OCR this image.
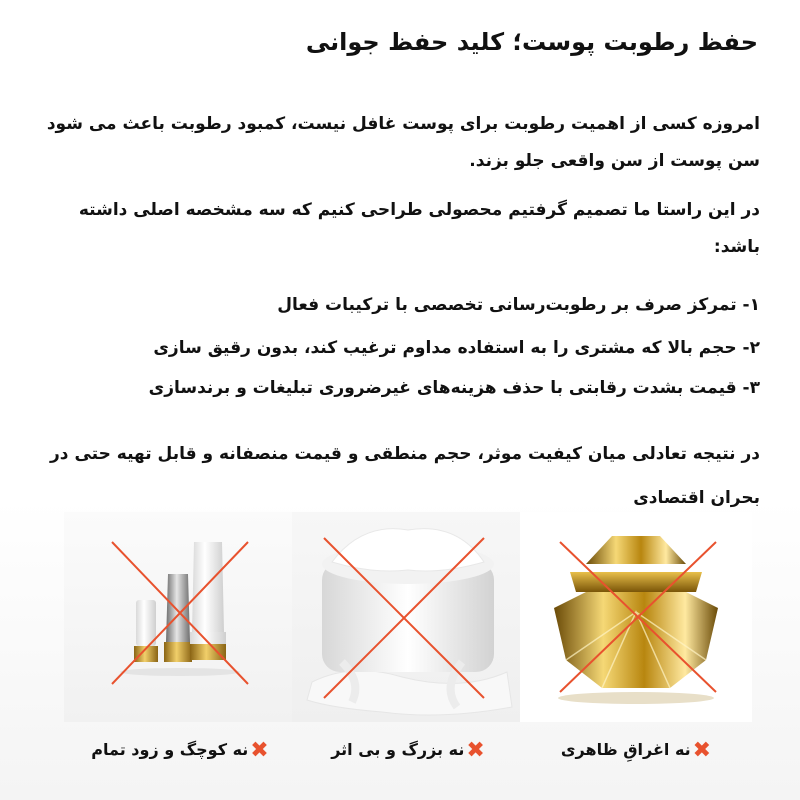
حفظ رطوبت پوست؛ کلید حفظ جوانی
امروزه کسی از اهمیت رطوبت برای پوست غافل نیست، کمبود رطوبت باعث می شود سن پوست از سن واقعی جلو بزند.
در این راستا ما تصمیم گرفتیم محصولی طراحی کنیم که سه مشخصه اصلی داشته باشد:
۱- تمرکز صرف بر رطوبت‌رسانی تخصصی با ترکیبات فعال
۲- حجم بالا که مشتری را به استفاده مداوم ترغیب کند، بدون رقیق سازی
۳- قیمت بشدت رقابتی با حذف هزینه‌های غیرضروری تبلیغات و برندسازی
در نتیجه تعادلی میان کیفیت موثر، حجم منطقی و قیمت منصفانه و قابل تهیه حتی در بحران اقتصادی
✖نه اغراقِ ظاهری
✖نه بزرگ و بی اثر
✖نه کوچگ و زود تمام
